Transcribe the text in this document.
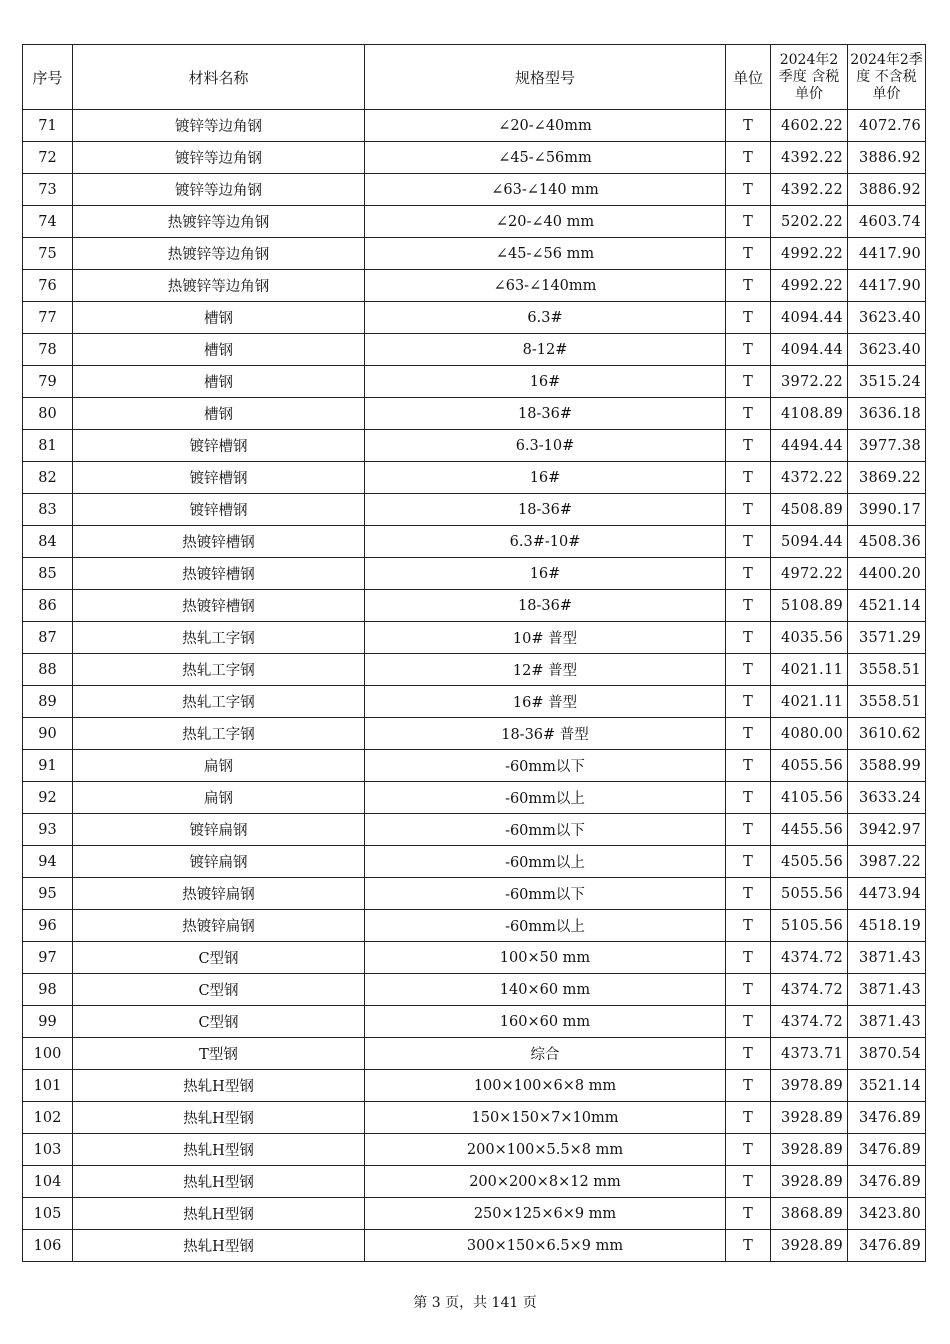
序号	材料名称	规格型号	单位	2024年2季度 含税单价	2024年2季度 不含税单价
71	镀锌等边角钢	∠20-∠40mm	T	4602.22	4072.76
72	镀锌等边角钢	∠45-∠56mm	T	4392.22	3886.92
73	镀锌等边角钢	∠63-∠140 mm	T	4392.22	3886.92
74	热镀锌等边角钢	∠20-∠40 mm	T	5202.22	4603.74
75	热镀锌等边角钢	∠45-∠56 mm	T	4992.22	4417.90
76	热镀锌等边角钢	∠63-∠140mm	T	4992.22	4417.90
77	槽钢	6.3#	T	4094.44	3623.40
78	槽钢	8-12#	T	4094.44	3623.40
79	槽钢	16#	T	3972.22	3515.24
80	槽钢	18-36#	T	4108.89	3636.18
81	镀锌槽钢	6.3-10#	T	4494.44	3977.38
82	镀锌槽钢	16#	T	4372.22	3869.22
83	镀锌槽钢	18-36#	T	4508.89	3990.17
84	热镀锌槽钢	6.3#-10#	T	5094.44	4508.36
85	热镀锌槽钢	16#	T	4972.22	4400.20
86	热镀锌槽钢	18-36#	T	5108.89	4521.14
87	热轧工字钢	10# 普型	T	4035.56	3571.29
88	热轧工字钢	12# 普型	T	4021.11	3558.51
89	热轧工字钢	16# 普型	T	4021.11	3558.51
90	热轧工字钢	18-36# 普型	T	4080.00	3610.62
91	扁钢	-60mm以下	T	4055.56	3588.99
92	扁钢	-60mm以上	T	4105.56	3633.24
93	镀锌扁钢	-60mm以下	T	4455.56	3942.97
94	镀锌扁钢	-60mm以上	T	4505.56	3987.22
95	热镀锌扁钢	-60mm以下	T	5055.56	4473.94
96	热镀锌扁钢	-60mm以上	T	5105.56	4518.19
97	C型钢	100×50 mm	T	4374.72	3871.43
98	C型钢	140×60 mm	T	4374.72	3871.43
99	C型钢	160×60 mm	T	4374.72	3871.43
100	T型钢	综合	T	4373.71	3870.54
101	热轧H型钢	100×100×6×8 mm	T	3978.89	3521.14
102	热轧H型钢	150×150×7×10mm	T	3928.89	3476.89
103	热轧H型钢	200×100×5.5×8 mm	T	3928.89	3476.89
104	热轧H型钢	200×200×8×12 mm	T	3928.89	3476.89
105	热轧H型钢	250×125×6×9 mm	T	3868.89	3423.80
106	热轧H型钢	300×150×6.5×9 mm	T	3928.89	3476.89
第 3 页，共 141 页
